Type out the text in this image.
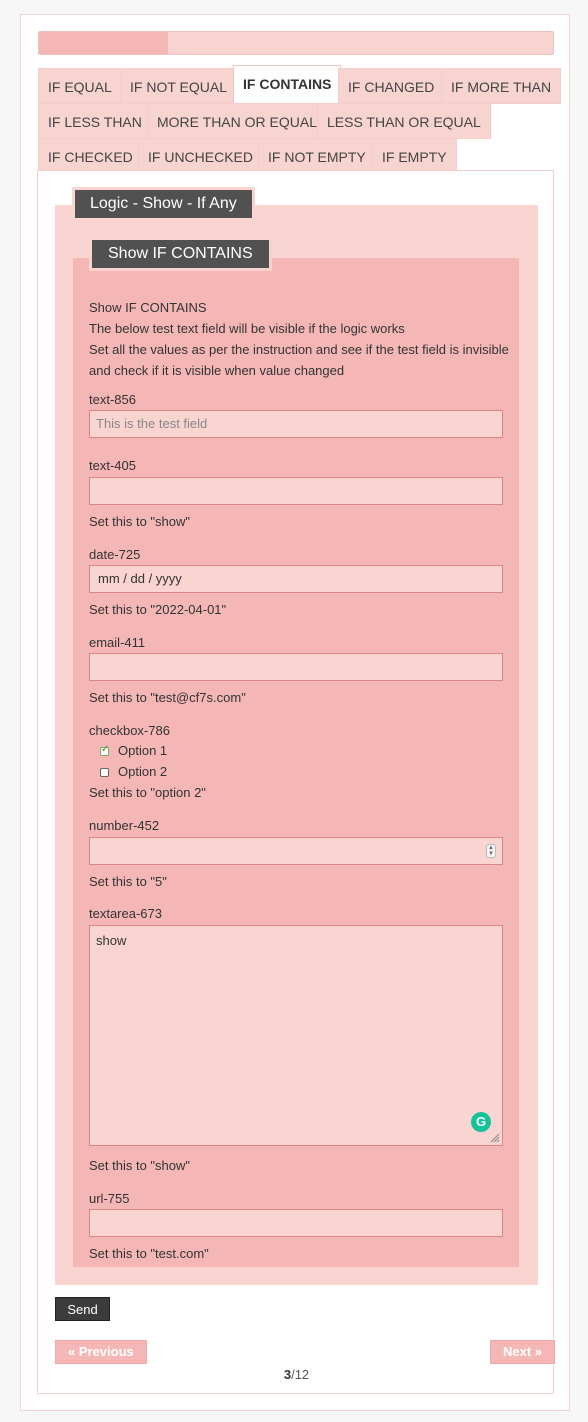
IF EQUAL	IF NOT EQUAL	IF CONTAINS	IF CHANGED	IF MORE THAN
IF LESS THAN	MORE THAN OR EQUAL LESS THAN OR EQUAL
IF CHECKED	IF UNCHECKED	IF NOT EMPTY	IF EMPTY
Logic - Show - If Any
Show IF CONTAINS
Show IF CONTAINS
The below test text field will be visible if the logic works
Set all the values as per the instruction and see if the test field is invisible
and check if it is visible when value changed
text-856
This is the test field
text-405
Set this to "show"
date-725
mm / dd / yyyy
Set this to "2022-04-01"
email-411
Set this to "test@cf7s.com"
checkbox-786
✓
Option 1
Option 2
Set this to "option 2"
number-452
▲
▼
Set this to "5"
textarea-673
show
G
Set this to "show"
url-755
Set this to "test.com"
Send
« Previous	Next »
3/12
